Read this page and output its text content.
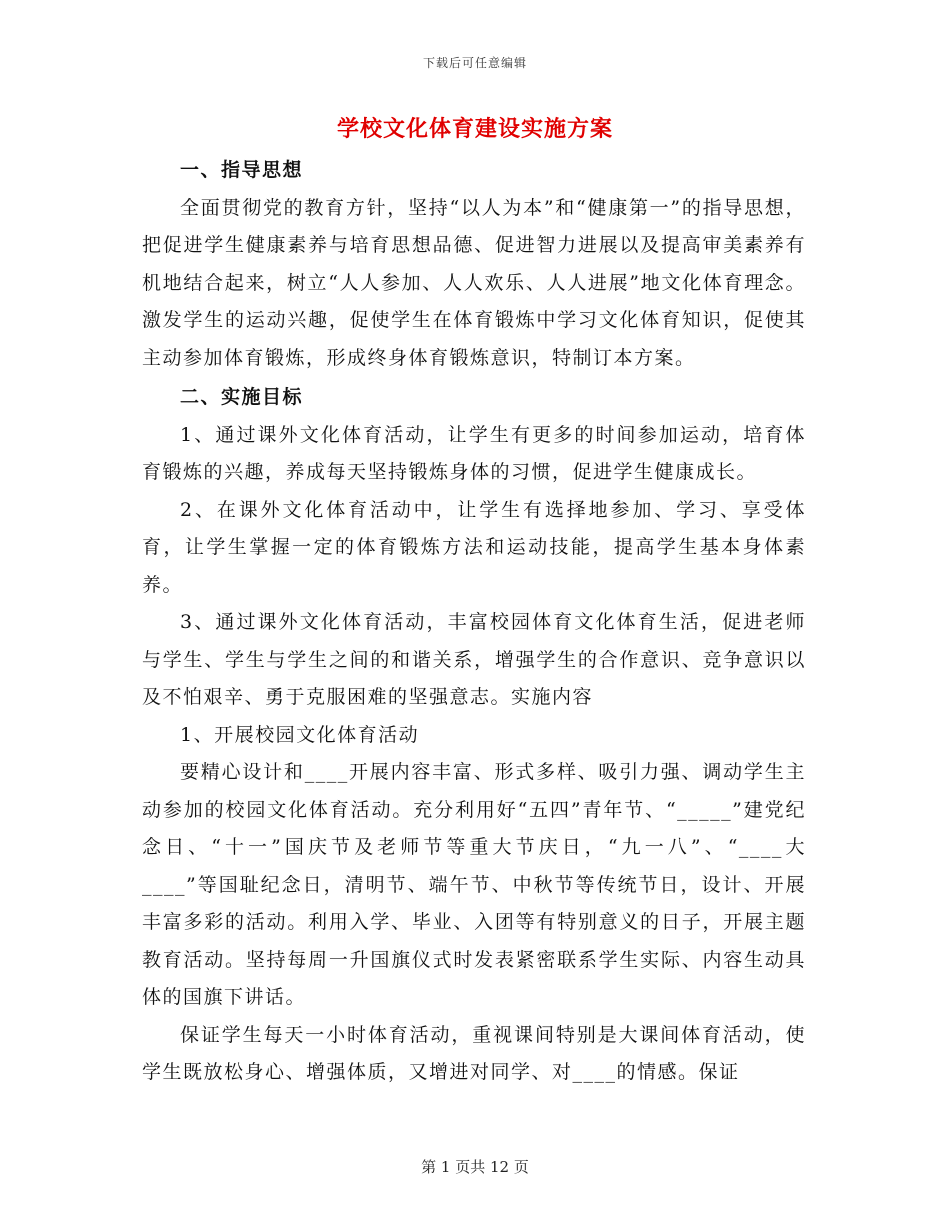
下载后可任意编辑
学校文化体育建设实施方案

一、指导思想

全面贯彻党的教育方针，坚持“以人为本”和“健康第一”的指导思想，把促进学生健康素养与培育思想品德、促进智力进展以及提高审美素养有机地结合起来，树立“人人参加、人人欢乐、人人进展”地文化体育理念。激发学生的运动兴趣，促使学生在体育锻炼中学习文化体育知识，促使其主动参加体育锻炼，形成终身体育锻炼意识，特制订本方案。

二、实施目标

1、通过课外文化体育活动，让学生有更多的时间参加运动，培育体育锻炼的兴趣，养成每天坚持锻炼身体的习惯，促进学生健康成长。

2、在课外文化体育活动中，让学生有选择地参加、学习、享受体育，让学生掌握一定的体育锻炼方法和运动技能，提高学生基本身体素养。

3、通过课外文化体育活动，丰富校园体育文化体育生活，促进老师与学生、学生与学生之间的和谐关系，增强学生的合作意识、竞争意识以及不怕艰辛、勇于克服困难的坚强意志。实施内容

1、开展校园文化体育活动

要精心设计和____开展内容丰富、形式多样、吸引力强、调动学生主动参加的校园文化体育活动。充分利用好“五四”青年节、“_____”建党纪念日、“十一”国庆节及老师节等重大节庆日，“九一八”、“____大____”等国耻纪念日，清明节、端午节、中秋节等传统节日，设计、开展丰富多彩的活动。利用入学、毕业、入团等有特别意义的日子，开展主题教育活动。坚持每周一升国旗仪式时发表紧密联系学生实际、内容生动具体的国旗下讲话。

保证学生每天一小时体育活动，重视课间特别是大课间体育活动，使学生既放松身心、增强体质，又增进对同学、对____的情感。保证

第 1 页共 12 页
